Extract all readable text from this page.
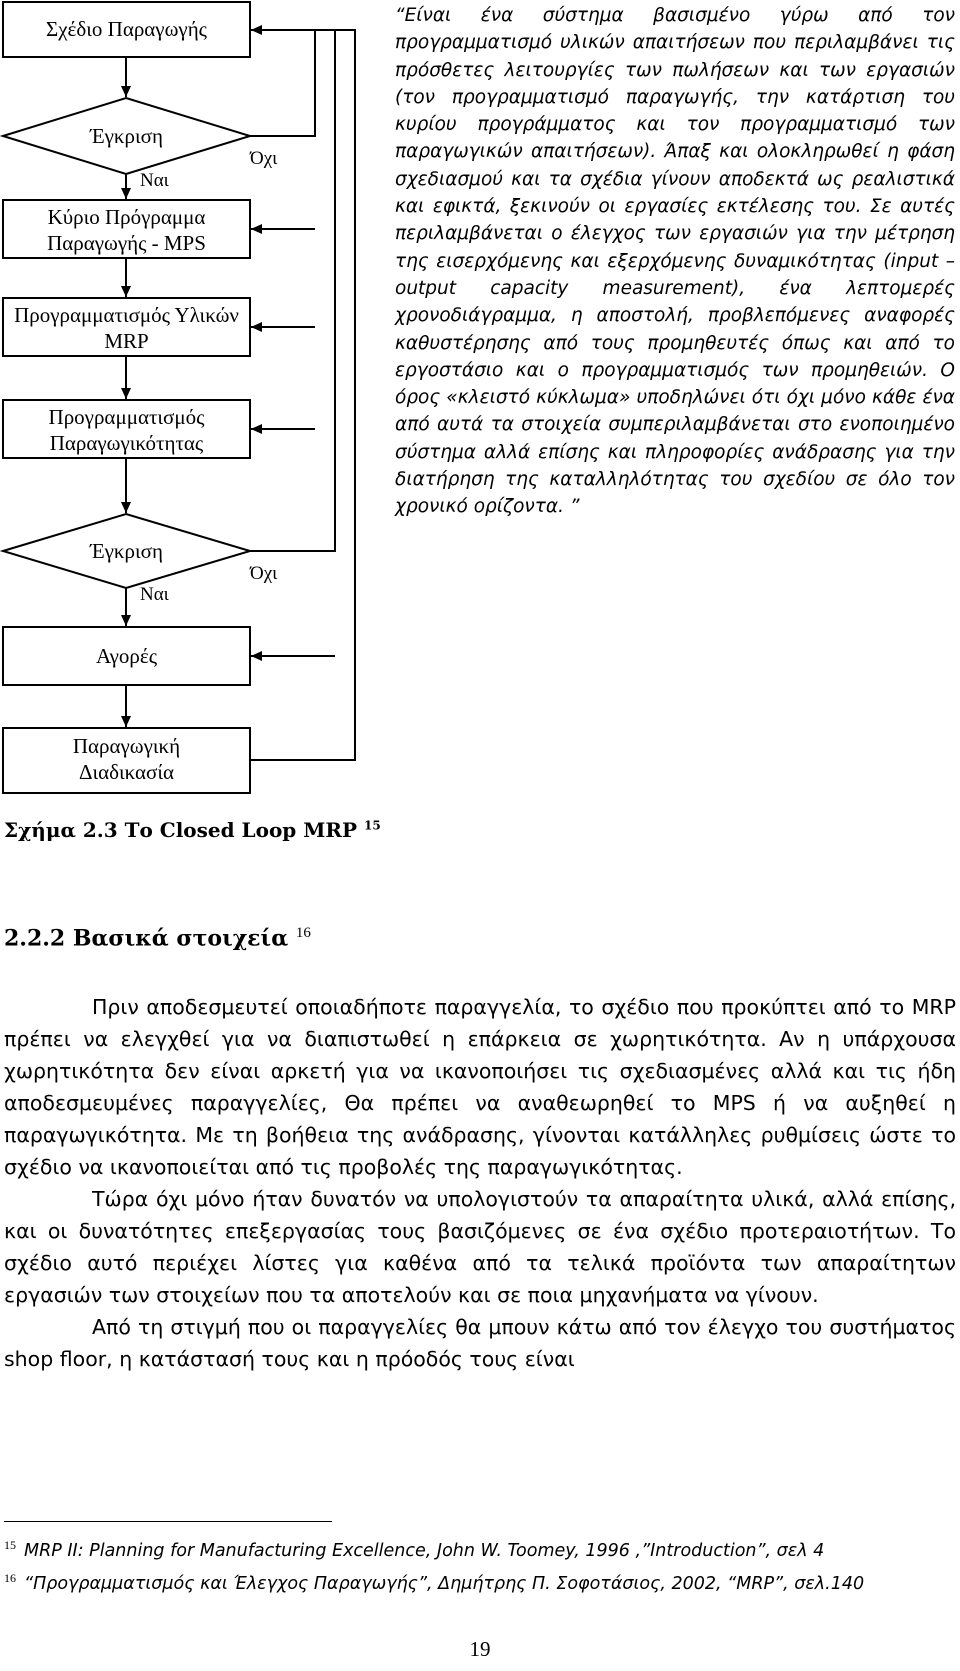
Σχέδιο Παραγωγής
Έγκριση
Ναι
Όχι
Κύριο Πρόγραμμα
Παραγωγής - MPS
Προγραμματισμός Υλικών
MRP
Προγραμματισμός
Παραγωγικότητας
Έγκριση
Ναι
Όχι
Αγορές
Παραγωγική
Διαδικασία
“Είναι ένα σύστημα βασισμένο γύρω από τον προγραμματισμό υλικών απαιτήσεων που περιλαμβάνει τις πρόσθετες λειτουργίες των πωλήσεων και των εργασιών (τον προγραμματισμό παραγωγής, την κατάρτιση του κυρίου προγράμματος και τον προγραμματισμό των παραγωγικών απαιτήσεων). Άπαξ και ολοκληρωθεί η φάση σχεδιασμού και τα σχέδια γίνουν αποδεκτά ως ρεαλιστικά και εφικτά, ξεκινούν οι εργασίες εκτέλεσης του. Σε αυτές περιλαμβάνεται ο έλεγχος των εργασιών για την μέτρηση της εισερχόμενης και εξερχόμενης δυναμικότητας (input – output capacity measurement), ένα λεπτομερές χρονοδιάγραμμα, η αποστολή, προβλεπόμενες αναφορές καθυστέρησης από τους προμηθευτές όπως και από το εργοστάσιο και ο προγραμματισμός των προμηθειών. Ο όρος «κλειστό κύκλωμα» υποδηλώνει ότι όχι μόνο κάθε ένα από αυτά τα στοιχεία συμπεριλαμβάνεται στο ενοποιημένο σύστημα αλλά επίσης και πληροφορίες ανάδρασης για την διατήρηση της καταλληλότητας του σχεδίου σε όλο τον χρονικό ορίζοντα. ”
Σχήμα 2.3 Το Closed Loop MRP $^{15}$
2.2.2 Βασικά στοιχεία $^{16}$

Πριν αποδεσμευτεί οποιαδήποτε παραγγελία, το σχέδιο που προκύπτει από το MRP πρέπει να ελεγχθεί για να διαπιστωθεί η επάρκεια σε χωρητικότητα. Αν η υπάρχουσα χωρητικότητα δεν είναι αρκετή για να ικανοποιήσει τις σχεδιασμένες αλλά και τις ήδη αποδεσμευμένες παραγγελίες, Θα πρέπει να αναθεωρηθεί το MPS ή να αυξηθεί η παραγωγικότητα. Με τη βοήθεια της ανάδρασης, γίνονται κατάλληλες ρυθμίσεις ώστε το σχέδιο να ικανοποιείται από τις προβολές της παραγωγικότητας.

Τώρα όχι μόνο ήταν δυνατόν να υπολογιστούν τα απαραίτητα υλικά, αλλά επίσης, και οι δυνατότητες επεξεργασίας τους βασιζόμενες σε ένα σχέδιο προτεραιοτήτων. Το σχέδιο αυτό περιέχει λίστες για καθένα από τα τελικά προϊόντα των απαραίτητων εργασιών των στοιχείων που τα αποτελούν και σε ποια μηχανήματα να γίνουν.

Από τη στιγμή που οι παραγγελίες θα μπουν κάτω από τον έλεγχο του συστήματος shop floor, η κατάστασή τους και η πρόοδός τους είναι

$^{15}$ MRP II: Planning for Manufacturing Excellence, John W. Toomey, 1996 ,”Introduction”, σελ 4
$^{16}$ “Προγραμματισμός και Έλεγχος Παραγωγής”, Δημήτρης Π. Σοφοτάσιος, 2002, “MRP”, σελ.140
19
